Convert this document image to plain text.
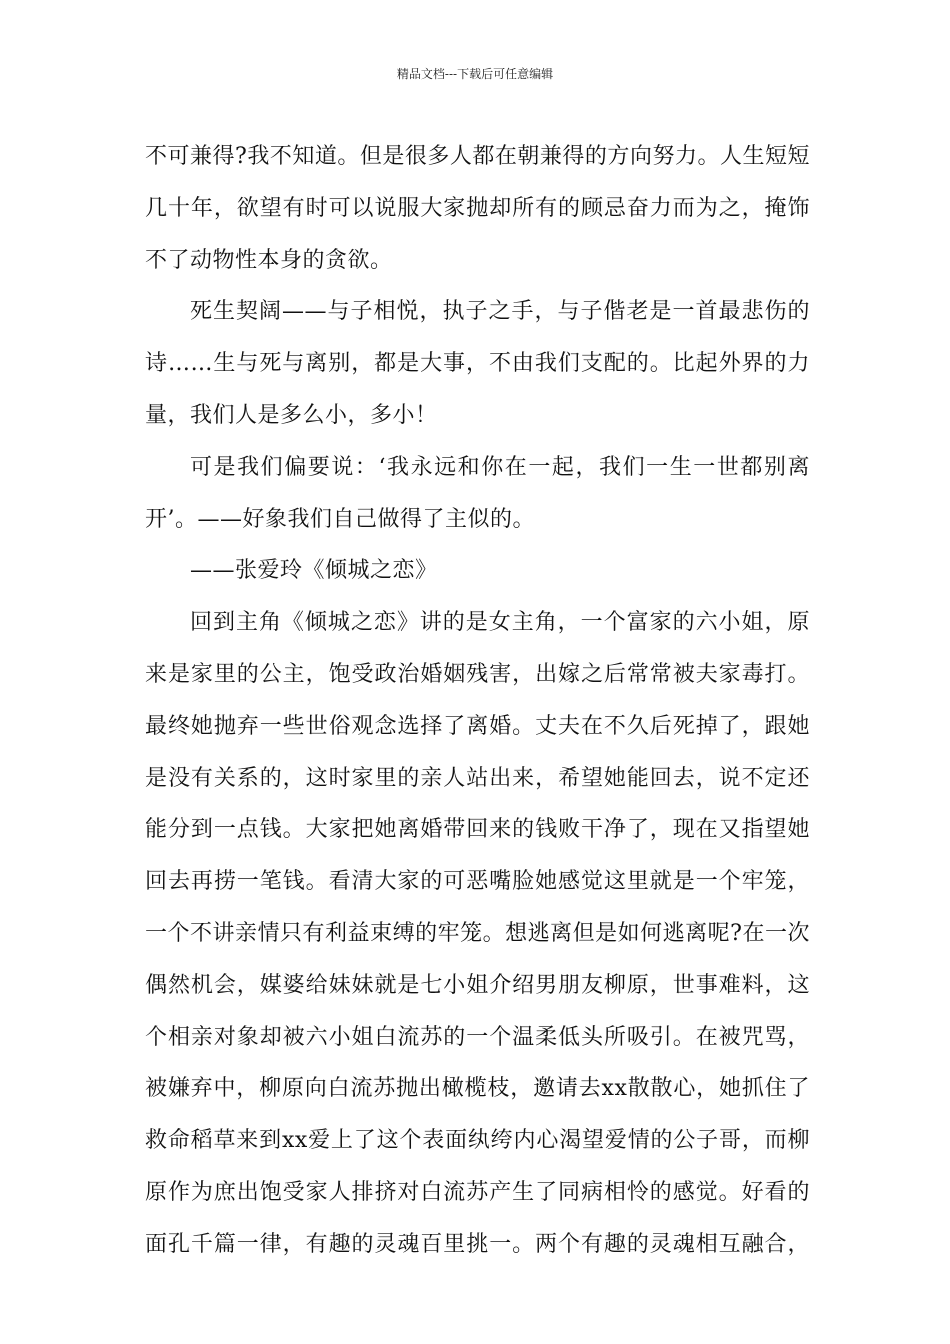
精品文档---下载后可任意编辑
不可兼得?我不知道。但是很多人都在朝兼得的方向努力。人生短短
几十年，欲望有时可以说服大家抛却所有的顾忌奋力而为之，掩饰
不了动物性本身的贪欲。
死生契阔——与子相悦，执子之手，与子偕老是一首最悲伤的
诗……生与死与离别，都是大事，不由我们支配的。比起外界的力
量，我们人是多么小，多小！
可是我们偏要说：‘我永远和你在一起，我们一生一世都别离
开’。——好象我们自己做得了主似的。
——张爱玲《倾城之恋》
回到主角《倾城之恋》讲的是女主角，一个富家的六小姐，原
来是家里的公主，饱受政治婚姻残害，出嫁之后常常被夫家毒打。
最终她抛弃一些世俗观念选择了离婚。丈夫在不久后死掉了，跟她
是没有关系的，这时家里的亲人站出来，希望她能回去，说不定还
能分到一点钱。大家把她离婚带回来的钱败干净了，现在又指望她
回去再捞一笔钱。看清大家的可恶嘴脸她感觉这里就是一个牢笼，
一个不讲亲情只有利益束缚的牢笼。想逃离但是如何逃离呢?在一次
偶然机会，媒婆给妹妹就是七小姐介绍男朋友柳原，世事难料，这
个相亲对象却被六小姐白流苏的一个温柔低头所吸引。在被咒骂，
被嫌弃中，柳原向白流苏抛出橄榄枝，邀请去xx散散心，她抓住了
救命稻草来到xx爱上了这个表面纨绔内心渴望爱情的公子哥，而柳
原作为庶出饱受家人排挤对白流苏产生了同病相怜的感觉。好看的
面孔千篇一律，有趣的灵魂百里挑一。两个有趣的灵魂相互融合，
